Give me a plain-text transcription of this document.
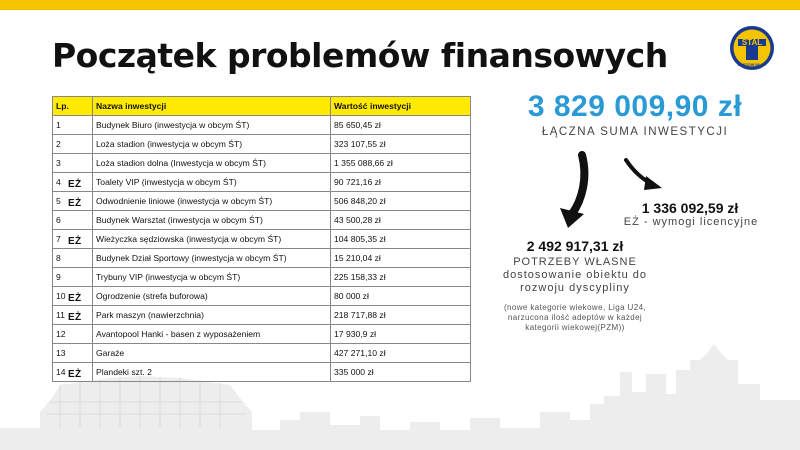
Początek problemów finansowych	STAL
GORZÓW WLKP.
Lp.	Nazwa inwestycji	Wartość inwestycji
1	Budynek Biuro (inwestycja w obcym ŚT)	85 650,45 zł
2	Loża stadion (inwestycja w obcym ŚT)	323 107,55 zł
3	Loża stadion dolna (Inwestycja w obcym ŚT)	1 355 088,66 zł
4 EŻ	Toalety VIP (inwestycja w obcym ŚT)	90 721,16 zł
5 EŻ	Odwodnienie liniowe (inwestycja w obcym ŚT)	506 848,20 zł
6	Budynek Warsztat (inwestycja w obcym ŚT)	43 500,28 zł
7 EŻ	Wieżyczka sędziowska (inwestycja w obcym ŚT)	104 805,35 zł
8	Budynek Dział Sportowy (inwestycja w obcym ŚT)	15 210,04 zł
9	Trybuny VIP (inwestycja w obcym ŚT)	225 158,33 zł
10 EŻ	Ogrodzenie (strefa buforowa)	80 000 zł
11 EŻ	Park maszyn (nawierzchnia)	218 717,88 zł
12	Avantopool Hanki - basen z wyposażeniem	17 930,9 zł
13	Garaże	427 271,10 zł
14 EŻ	Plandeki szt. 2	335 000 zł
3 829 009,90 zł
ŁĄCZNA SUMA INWESTYCJI
1 336 092,59 zł
EŻ - wymogi licencyjne
2 492 917,31 zł
POTRZEBY WŁASNE
dostosowanie obiektu do
rozwoju dyscypliny
(nowe kategorie wiekowe, Liga U24,
narzucona ilość adeptów w każdej
kategorii wiekowej(PZM))
